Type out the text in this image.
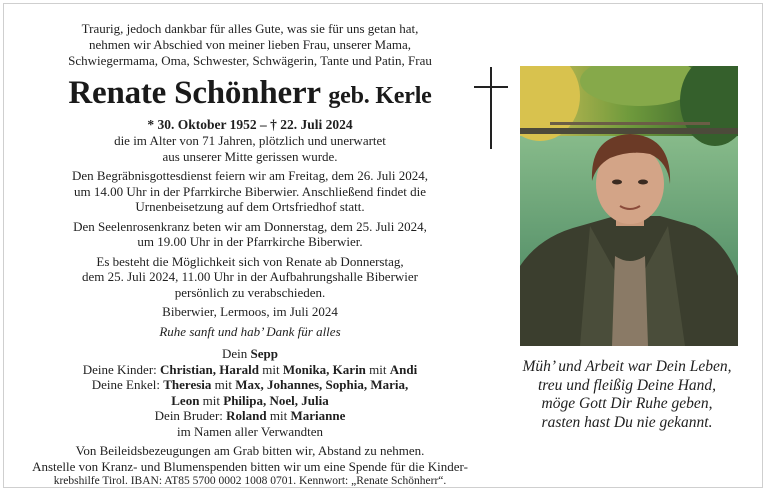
Traurig, jedoch dankbar für alles Gute, was sie für uns getan hat,

nehmen wir Abschied von meiner lieben Frau, unserer Mama,

Schwiegermama, Oma, Schwester, Schwägerin, Tante und Patin, Frau

Renate Schönherr geb. Kerle

* 30. Oktober 1952 – † 22. Juli 2024

die im Alter von 71 Jahren, plötzlich und unerwartet

aus unserer Mitte gerissen wurde.

Den Begräbnisgottesdienst feiern wir am Freitag, dem 26. Juli 2024,

um 14.00 Uhr in der Pfarrkirche Biberwier. Anschließend findet die

Urnenbeisetzung auf dem Ortsfriedhof statt.

Den Seelenrosenkranz beten wir am Donnerstag, dem 25. Juli 2024,

um 19.00 Uhr in der Pfarrkirche Biberwier.

Es besteht die Möglichkeit sich von Renate ab Donnerstag,

dem 25. Juli 2024, 11.00 Uhr in der Aufbahrungshalle Biberwier

persönlich zu verabschieden.

Biberwier, Lermoos, im Juli 2024

Ruhe sanft und hab’ Dank für alles

Dein Sepp
Deine Kinder: Christian, Harald mit Monika, Karin mit Andi
Deine Enkel: Theresia mit Max, Johannes, Sophia, Maria,
Leon mit Philipa, Noel, Julia
Dein Bruder: Roland mit Marianne
im Namen aller Verwandten

Von Beileidsbezeugungen am Grab bitten wir, Abstand zu nehmen.

Anstelle von Kranz- und Blumenspenden bitten wir um eine Spende für die Kinder-

krebshilfe Tirol. IBAN: AT85 5700 0002 1008 0701. Kennwort: „Renate Schönherr“.

Müh’ und Arbeit war Dein Leben,
treu und fleißig Deine Hand,
möge Gott Dir Ruhe geben,
rasten hast Du nie gekannt.
